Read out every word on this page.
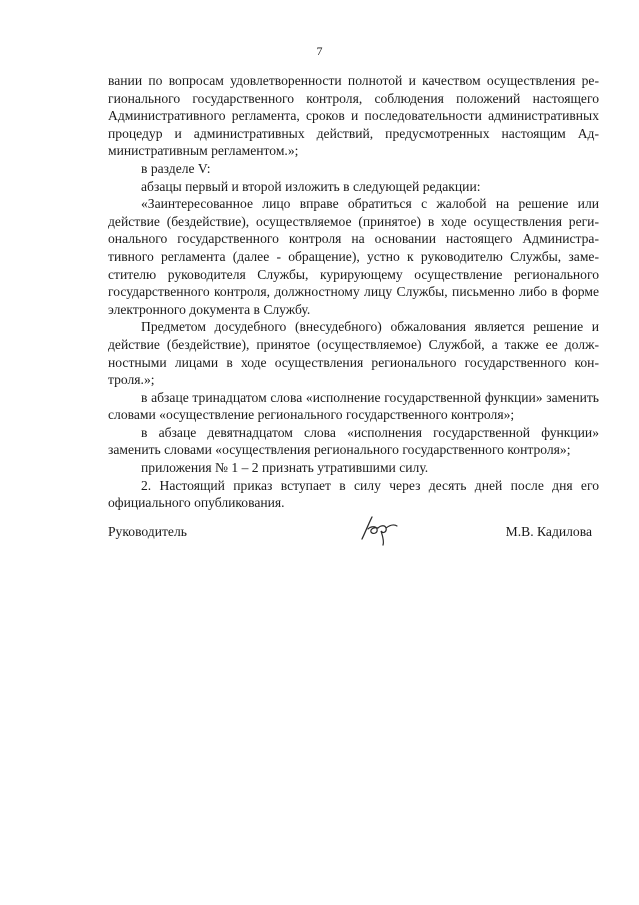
7

вании по вопросам удовлетворенности полнотой и качеством осуществления регионального государственного контроля, соблюдения положений настоящего Административного регламента, сроков и последовательности административных процедур и административных действий, предусмотренных настоящим Административным регламентом.»;

в разделе V:

абзацы первый и второй изложить в следующей редакции:

«Заинтересованное лицо вправе обратиться с жалобой на решение или действие (бездействие), осуществляемое (принятое) в ходе осуществления регионального государственного контроля на основании настоящего Административного регламента (далее - обращение), устно к руководителю Службы, заместителю руководителя Службы, курирующему осуществление регионального государственного контроля, должностному лицу Службы, письменно либо в форме электронного документа в Службу.

Предметом досудебного (внесудебного) обжалования является решение и действие (бездействие), принятое (осуществляемое) Службой, а также ее должностными лицами в ходе осуществления регионального государственного контроля.»;

в абзаце тринадцатом слова «исполнение государственной функции» заменить словами «осуществление регионального государственного контроля»;

в абзаце девятнадцатом слова «исполнения государственной функции» заменить словами «осуществления регионального государственного контроля»;

приложения № 1 – 2 признать утратившими силу.

2. Настоящий приказ вступает в силу через десять дней после дня его официального опубликования.

Руководитель	М.В. Кадилова
